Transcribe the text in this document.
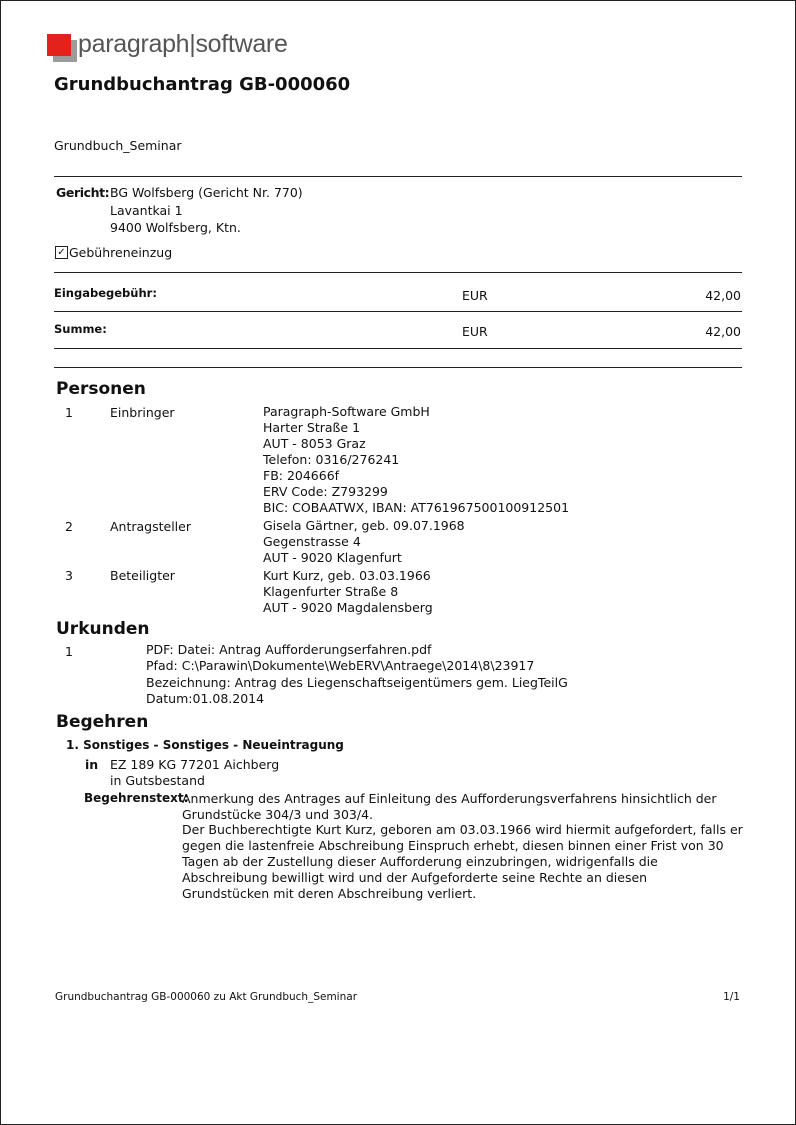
paragraph|software
Grundbuchantrag GB-000060
Grundbuch_Seminar
Gericht: BG Wolfsberg (Gericht Nr. 770)
Lavantkai 1
9400 Wolfsberg, Ktn.
✓ Gebühreneinzug
Eingabegebühr:	EUR	42,00
Summe:	EUR	42,00
Personen
1	Einbringer	Paragraph-Software GmbH
Harter Straße 1
AUT - 8053 Graz
Telefon: 0316/276241
FB: 204666f
ERV Code: Z793299
BIC: COBAATWX, IBAN: AT761967500100912501
2	Antragsteller	Gisela Gärtner, geb. 09.07.1968
Gegenstrasse 4
AUT - 9020 Klagenfurt
3	Beteiligter	Kurt Kurz, geb. 03.03.1966
Klagenfurter Straße 8
AUT - 9020 Magdalensberg
Urkunden
1	PDF: Datei: Antrag Aufforderungserfahren.pdf
Pfad: C:\Parawin\Dokumente\WebERV\Antraege\2014\8\23917
Bezeichnung: Antrag des Liegenschaftseigentümers gem. LiegTeilG
Datum:01.08.2014
Begehren
1. Sonstiges - Sonstiges - Neueintragung
in EZ 189 KG 77201 Aichberg
in Gutsbestand
Begehrenstext:
Anmerkung des Antrages auf Einleitung des Aufforderungsverfahrens hinsichtlich der
Grundstücke 304/3 und 303/4.
Der Buchberechtigte Kurt Kurz, geboren am 03.03.1966 wird hiermit aufgefordert, falls er
gegen die lastenfreie Abschreibung Einspruch erhebt, diesen binnen einer Frist von 30
Tagen ab der Zustellung dieser Aufforderung einzubringen, widrigenfalls die
Abschreibung bewilligt wird und der Aufgeforderte seine Rechte an diesen
Grundstücken mit deren Abschreibung verliert.
Grundbuchantrag GB-000060 zu Akt Grundbuch_Seminar	1/1
